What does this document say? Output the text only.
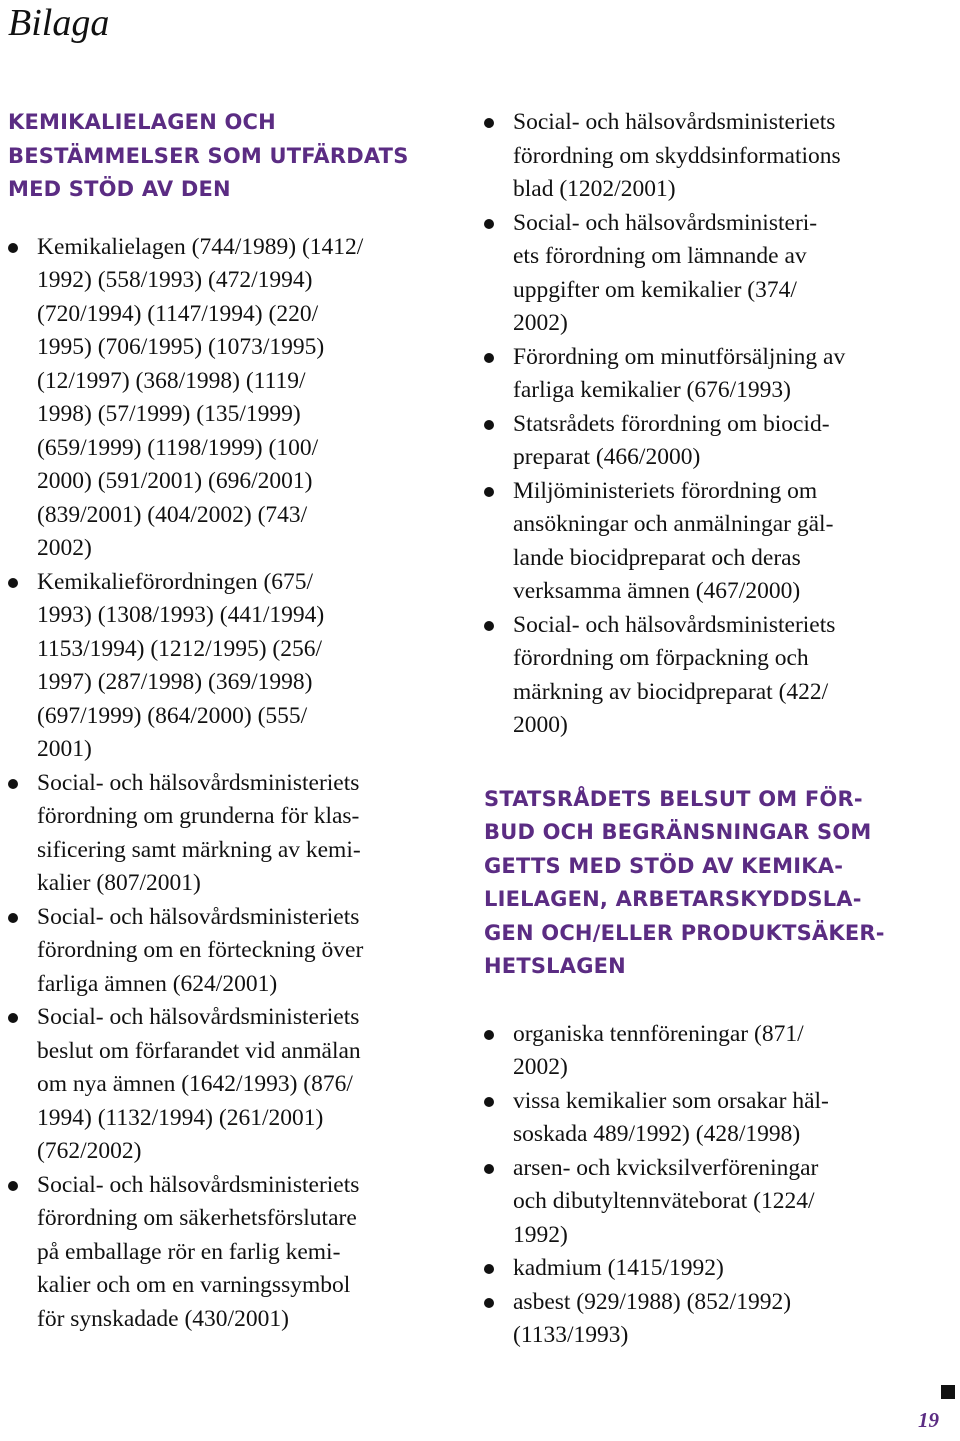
Bilaga
KEMIKALIELAGEN OCH
BESTÄMMELSER SOM UTFÄRDATS
MED STÖD AV DEN
Kemikalielagen (744/1989) (1412/
1992) (558/1993) (472/1994)
(720/1994) (1147/1994) (220/
1995) (706/1995) (1073/1995)
(12/1997) (368/1998) (1119/
1998) (57/1999) (135/1999)
(659/1999) (1198/1999) (100/
2000) (591/2001) (696/2001)
(839/2001) (404/2002) (743/
2002)
Kemikalieförordningen (675/
1993) (1308/1993) (441/1994)
1153/1994) (1212/1995) (256/
1997) (287/1998) (369/1998)
(697/1999) (864/2000) (555/
2001)
Social- och hälsovårdsministeriets
förordning om grunderna för klas-
sificering samt märkning av kemi-
kalier (807/2001)
Social- och hälsovårdsministeriets
förordning om en förteckning över
farliga ämnen (624/2001)
Social- och hälsovårdsministeriets
beslut om förfarandet vid anmälan
om nya ämnen (1642/1993) (876/
1994) (1132/1994) (261/2001)
(762/2002)
Social- och hälsovårdsministeriets
förordning om säkerhetsförslutare
på emballage rör en farlig kemi-
kalier och om en varningssymbol
för synskadade (430/2001)
Social- och hälsovårdsministeriets
förordning om skyddsinformations
blad (1202/2001)
Social- och hälsovårdsministeri-
ets förordning om lämnande av
uppgifter om kemikalier (374/
2002)
Förordning om minutförsäljning av
farliga kemikalier (676/1993)
Statsrådets förordning om biocid-
preparat (466/2000)
Miljöministeriets förordning om
ansökningar och anmälningar gäl-
lande biocidpreparat och deras
verksamma ämnen (467/2000)
Social- och hälsovårdsministeriets
förordning om förpackning och
märkning av biocidpreparat (422/
2000)
STATSRÅDETS BELSUT OM FÖR-
BUD OCH BEGRÄNSNINGAR SOM
GETTS MED STÖD AV KEMIKA-
LIELAGEN, ARBETARSKYDDSLA-
GEN OCH/ELLER PRODUKTSÄKER-
HETSLAGEN
organiska tennföreningar (871/
2002)
vissa kemikalier som orsakar häl-
soskada 489/1992) (428/1998)
arsen- och kvicksilverföreningar
och dibutyltennväteborat (1224/
1992)
kadmium (1415/1992)
asbest (929/1988) (852/1992)
(1133/1993)
19
